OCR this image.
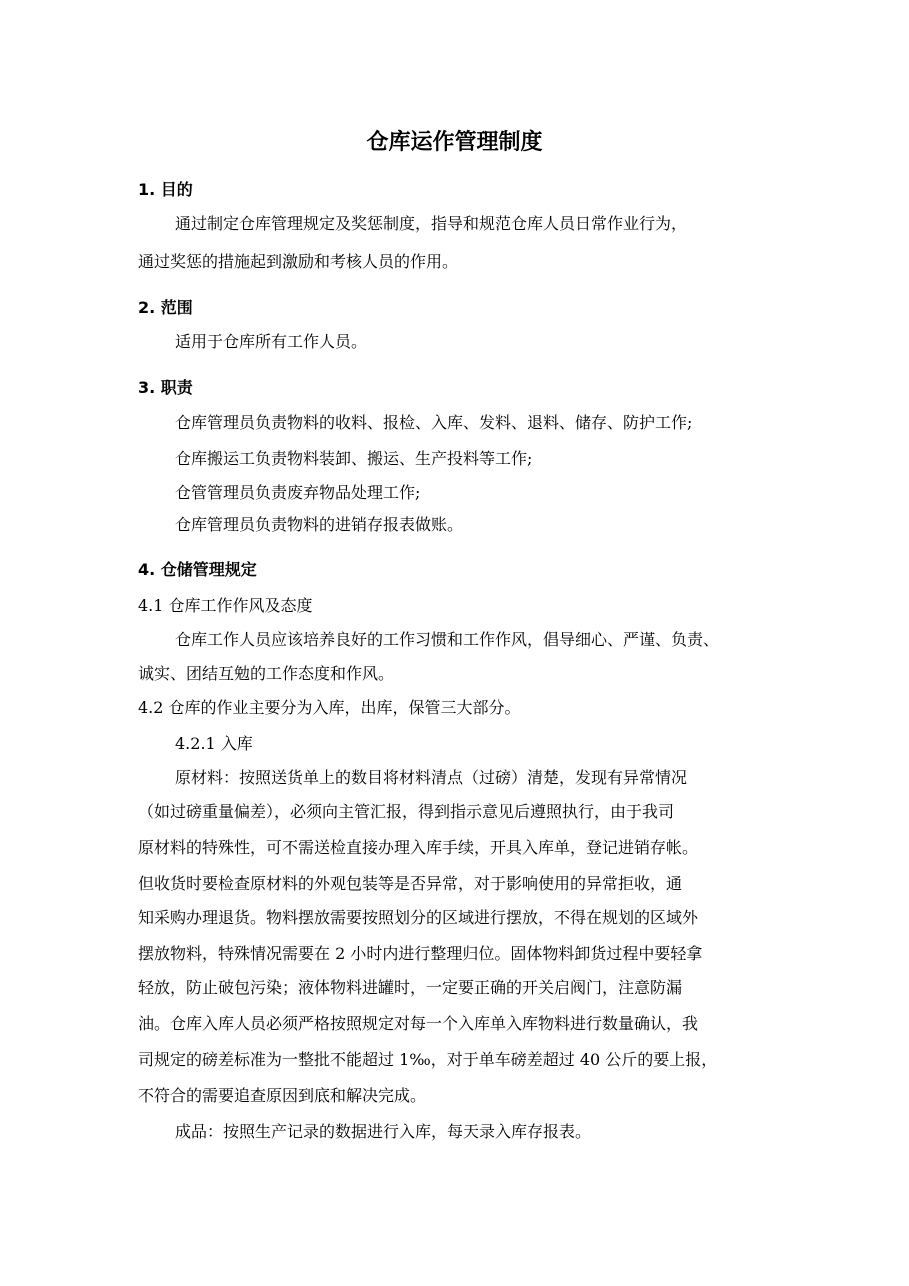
仓库运作管理制度
1. 目的
通过制定仓库管理规定及奖惩制度，指导和规范仓库人员日常作业行为，
通过奖惩的措施起到激励和考核人员的作用。
2. 范围
适用于仓库所有工作人员。
3. 职责
仓库管理员负责物料的收料、报检、入库、发料、退料、储存、防护工作;
仓库搬运工负责物料装卸、搬运、生产投料等工作;
仓管管理员负责废弃物品处理工作;
仓库管理员负责物料的进销存报表做账。
4. 仓储管理规定
4.1 仓库工作作风及态度
仓库工作人员应该培养良好的工作习惯和工作作风，倡导细心、严谨、负责、
诚实、团结互勉的工作态度和作风。
4.2 仓库的作业主要分为入库，出库，保管三大部分。
4.2.1 入库
原材料：按照送货单上的数目将材料清点（过磅）清楚，发现有异常情况
（如过磅重量偏差），必须向主管汇报，得到指示意见后遵照执行，由于我司
原材料的特殊性，可不需送检直接办理入库手续，开具入库单，登记进销存帐。
但收货时要检查原材料的外观包装等是否异常，对于影响使用的异常拒收，通
知采购办理退货。物料摆放需要按照划分的区域进行摆放，不得在规划的区域外
摆放物料，特殊情况需要在 2 小时内进行整理归位。固体物料卸货过程中要轻拿
轻放，防止破包污染；液体物料进罐时，一定要正确的开关启阀门，注意防漏
油。仓库入库人员必须严格按照规定对每一个入库单入库物料进行数量确认，我
司规定的磅差标准为一整批不能超过 1‰，对于单车磅差超过 40 公斤的要上报，
不符合的需要追查原因到底和解决完成。
成品：按照生产记录的数据进行入库，每天录入库存报表。
